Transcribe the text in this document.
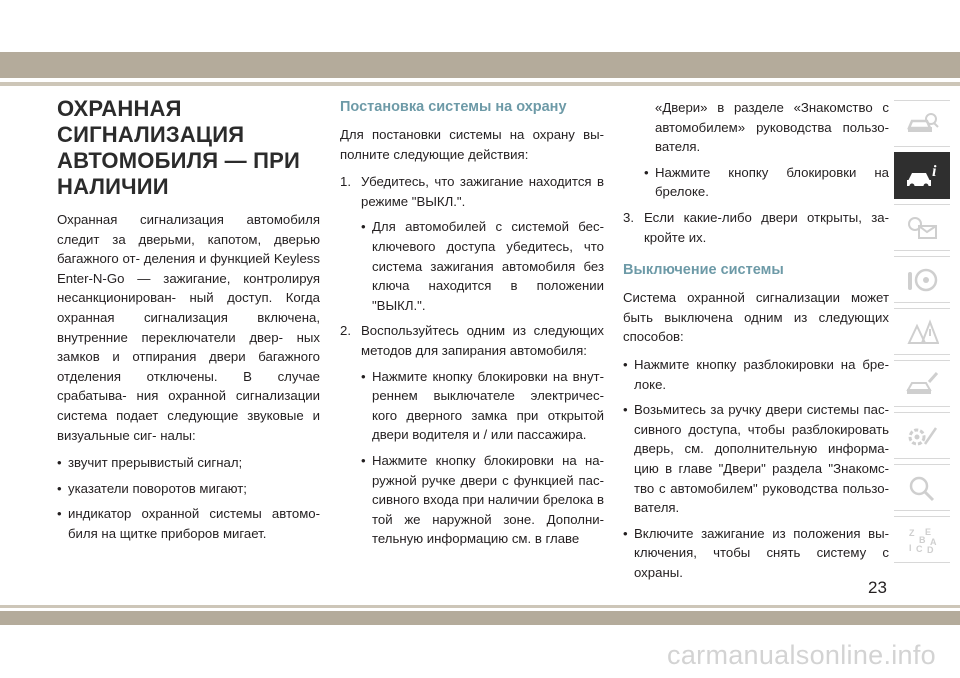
ОХРАННАЯ СИГНАЛИЗАЦИЯ АВТОМОБИЛЯ — ПРИ НАЛИЧИИ

Охранная сигнализация автомобиля следит за дверьми, капотом, дверью багажного от- деления и функцией Keyless Enter-N-Go — зажигание, контролируя несанкционирован- ный доступ. Когда охранная сигнализация включена, внутренние переключатели двер- ных замков и отпирания двери багажного отделения отключены. В случае срабатыва- ния охранной сигнализации система подает следующие звуковые и визуальные сиг- налы:

• звучит прерывистый сигнал;
• указатели поворотов мигают;
• индикатор охранной системы автомо- биля на щитке приборов мигает.
Постановка системы на охрану

Для постановки системы на охрану вы- полните следующие действия:

1. Убедитесь, что зажигание находится в режиме "ВЫКЛ.".
• Для автомобилей с системой бес- ключевого доступа убедитесь, что система зажигания автомобиля без ключа находится в положении "ВЫКЛ.".
2. Воспользуйтесь одним из следующих методов для запирания автомобиля:
• Нажмите кнопку блокировки на внут- реннем выключателе электричес- кого дверного замка при открытой двери водителя и / или пассажира.
• Нажмите кнопку блокировки на на- ружной ручке двери с функцией пас- сивного входа при наличии брелока в той же наружной зоне. Дополни- тельную информацию см. в главе
«Двери» в разделе «Знакомство с автомобилем» руководства пользо- вателя.
• Нажмите кнопку блокировки на брелоке.
3. Если какие-либо двери открыты, за- кройте их.
Выключение системы

Система охранной сигнализации может быть выключена одним из следующих способов:

• Нажмите кнопку разблокировки на бре- локе.
• Возьмитесь за ручку двери системы пас- сивного доступа, чтобы разблокировать дверь, см. дополнительную информа- цию в главе "Двери" раздела "Знакомс- тво с автомобилем" руководства пользо- вателя.
• Включите зажигание из положения вы- ключения, чтобы снять систему с охраны.
i
Z E
B A
I C D
23
carmanualsonline.info
